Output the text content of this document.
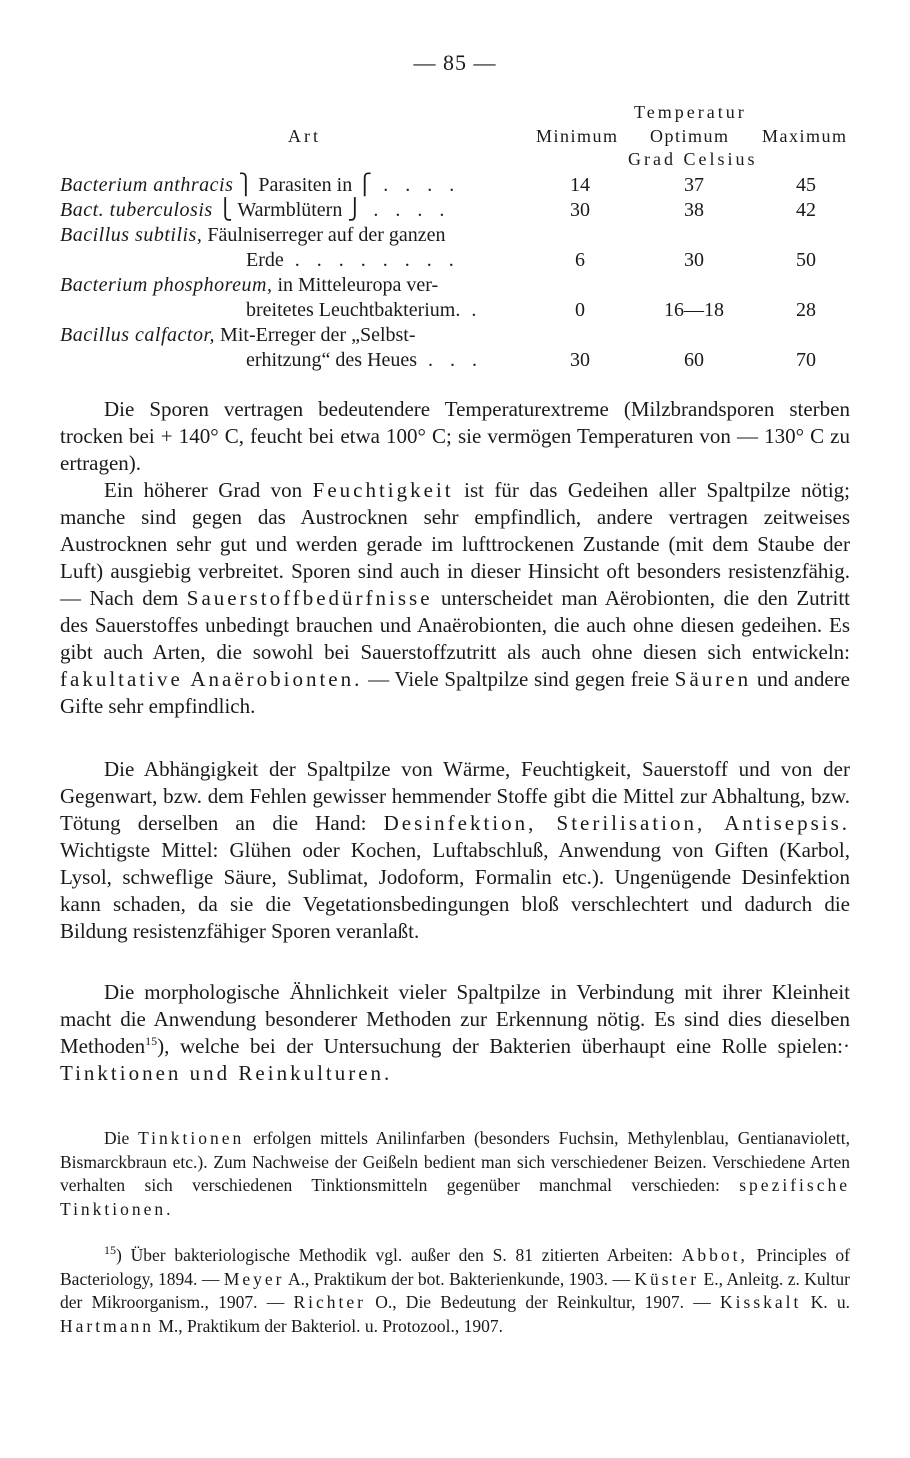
— 85 —
Temperatur
Art	Minimum Optimum Maximum
Grad Celsius
Bacterium anthracis ⎫ Parasiten in ⎧ . . . .	14	37	45
Bact. tuberculosis ⎩ Warmblütern ⎭ . . . .	30	38	42
Bacillus subtilis, Fäulniserreger auf der ganzen
Erde . . . . . . . .	6	30	50
Bacterium phosphoreum, in Mitteleuropa ver-
breitetes Leuchtbakterium. .	0	16—18	28
Bacillus calfactor, Mit-Erreger der „Selbst-
erhitzung“ des Heues . . .	30	60	70
Die Sporen vertragen bedeutendere Temperaturextreme (Milzbrandsporen sterben trocken bei + 140° C, feucht bei etwa 100° C; sie vermögen Temperaturen von — 130° C zu ertragen).
Ein höherer Grad von Feuchtigkeit ist für das Gedeihen aller Spaltpilze nötig; manche sind gegen das Austrocknen sehr empfindlich, andere vertragen zeitweises Austrocknen sehr gut und werden gerade im lufttrockenen Zustande (mit dem Staube der Luft) ausgiebig verbreitet. Sporen sind auch in dieser Hinsicht oft besonders resistenzfähig. — Nach dem Sauerstoffbedürfnisse unterscheidet man Aërobionten, die den Zutritt des Sauerstoffes unbedingt brauchen und Anaërobionten, die auch ohne diesen gedeihen. Es gibt auch Arten, die sowohl bei Sauerstoffzutritt als auch ohne diesen sich entwickeln: fakultative Anaërobionten. — Viele Spaltpilze sind gegen freie Säuren und andere Gifte sehr empfindlich.
Die Abhängigkeit der Spaltpilze von Wärme, Feuchtigkeit, Sauerstoff und von der Gegenwart, bzw. dem Fehlen gewisser hemmender Stoffe gibt die Mittel zur Abhaltung, bzw. Tötung derselben an die Hand: Desinfektion, Sterilisation, Antisepsis. Wichtigste Mittel: Glühen oder Kochen, Luftabschluß, Anwendung von Giften (Karbol, Lysol, schweflige Säure, Sublimat, Jodoform, Formalin etc.). Ungenügende Desinfektion kann schaden, da sie die Vegetationsbedingungen bloß verschlechtert und dadurch die Bildung resistenzfähiger Sporen veranlaßt.
Die morphologische Ähnlichkeit vieler Spaltpilze in Verbindung mit ihrer Kleinheit macht die Anwendung besonderer Methoden zur Erkennung nötig. Es sind dies dieselben Methoden$^{15}$), welche bei der Untersuchung der Bakterien überhaupt eine Rolle spielen:· Tinktionen und Reinkulturen.
Die Tinktionen erfolgen mittels Anilinfarben (besonders Fuchsin, Methylenblau, Gentianaviolett, Bismarckbraun etc.). Zum Nachweise der Geißeln bedient man sich verschiedener Beizen. Verschiedene Arten verhalten sich verschiedenen Tinktionsmitteln gegenüber manchmal verschieden: spezifische Tinktionen.
$^{15}$) Über bakteriologische Methodik vgl. außer den S. 81 zitierten Arbeiten: Abbot, Principles of Bacteriology, 1894. — Meyer A., Praktikum der bot. Bakterienkunde, 1903. — Küster E., Anleitg. z. Kultur der Mikroorganism., 1907. — Richter O., Die Bedeutung der Reinkultur, 1907. — Kisskalt K. u. Hartmann M., Praktikum der Bakteriol. u. Protozool., 1907.
